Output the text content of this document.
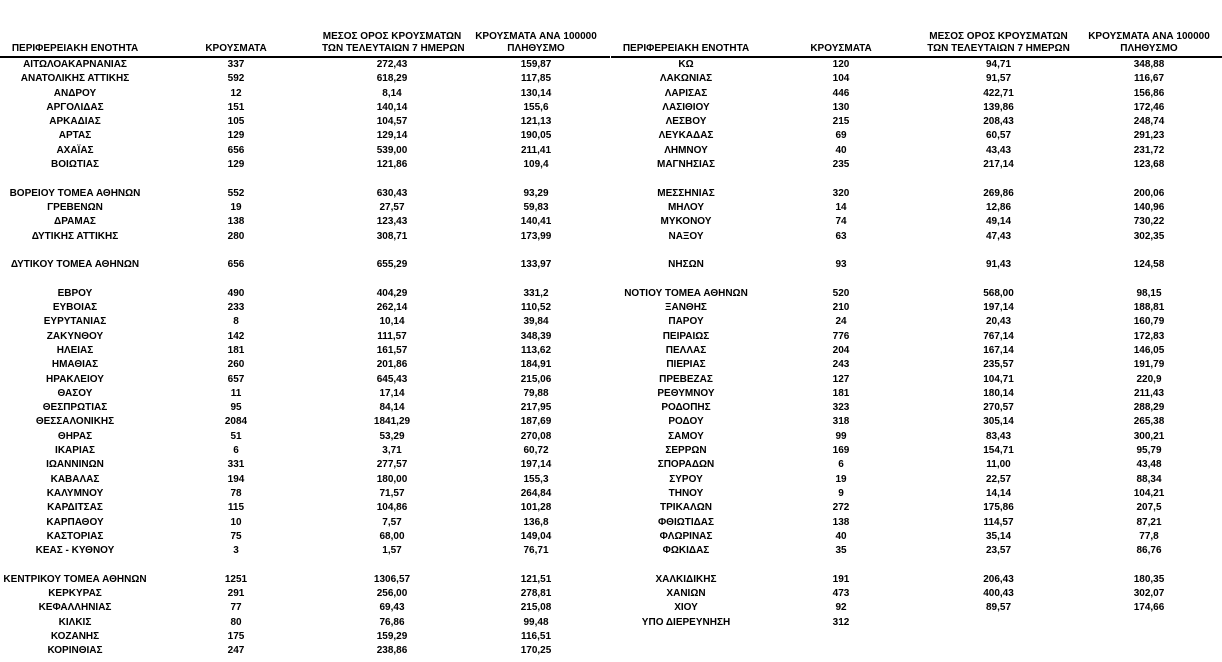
ΠΕΡΙΦΕΡΕΙΑΚΗ ΕΝΟΤΗΤΑ	ΚΡΟΥΣΜΑΤΑ	ΜΕΣΟΣ ΟΡΟΣ ΚΡΟΥΣΜΑΤΩΝ
ΤΩΝ ΤΕΛΕΥΤΑΙΩΝ 7 ΗΜΕΡΩΝ	ΚΡΟΥΣΜΑΤΑ ΑΝΑ 100000
ΠΛΗΘΥΣΜΟ
ΑΙΤΩΛΟΑΚΑΡΝΑΝΙΑΣ	337	272,43	159,87
ΑΝΑΤΟΛΙΚΗΣ ΑΤΤΙΚΗΣ	592	618,29	117,85
ΑΝΔΡΟΥ	12	8,14	130,14
ΑΡΓΟΛΙΔΑΣ	151	140,14	155,6
ΑΡΚΑΔΙΑΣ	105	104,57	121,13
ΑΡΤΑΣ	129	129,14	190,05
ΑΧΑΪΑΣ	656	539,00	211,41
ΒΟΙΩΤΙΑΣ	129	121,86	109,4

ΒΟΡΕΙΟΥ ΤΟΜΕΑ ΑΘΗΝΩΝ	552	630,43	93,29
ΓΡΕΒΕΝΩΝ	19	27,57	59,83
ΔΡΑΜΑΣ	138	123,43	140,41
ΔΥΤΙΚΗΣ ΑΤΤΙΚΗΣ	280	308,71	173,99

ΔΥΤΙΚΟΥ ΤΟΜΕΑ ΑΘΗΝΩΝ	656	655,29	133,97

ΕΒΡΟΥ	490	404,29	331,2
ΕΥΒΟΙΑΣ	233	262,14	110,52
ΕΥΡΥΤΑΝΙΑΣ	8	10,14	39,84
ΖΑΚΥΝΘΟΥ	142	111,57	348,39
ΗΛΕΙΑΣ	181	161,57	113,62
ΗΜΑΘΙΑΣ	260	201,86	184,91
ΗΡΑΚΛΕΙΟΥ	657	645,43	215,06
ΘΑΣΟΥ	11	17,14	79,88
ΘΕΣΠΡΩΤΙΑΣ	95	84,14	217,95
ΘΕΣΣΑΛΟΝΙΚΗΣ	2084	1841,29	187,69
ΘΗΡΑΣ	51	53,29	270,08
ΙΚΑΡΙΑΣ	6	3,71	60,72
ΙΩΑΝΝΙΝΩΝ	331	277,57	197,14
ΚΑΒΑΛΑΣ	194	180,00	155,3
ΚΑΛΥΜΝΟΥ	78	71,57	264,84
ΚΑΡΔΙΤΣΑΣ	115	104,86	101,28
ΚΑΡΠΑΘΟΥ	10	7,57	136,8
ΚΑΣΤΟΡΙΑΣ	75	68,00	149,04
ΚΕΑΣ - ΚΥΘΝΟΥ	3	1,57	76,71

ΚΕΝΤΡΙΚΟΥ ΤΟΜΕΑ ΑΘΗΝΩΝ	1251	1306,57	121,51
ΚΕΡΚΥΡΑΣ	291	256,00	278,81
ΚΕΦΑΛΛΗΝΙΑΣ	77	69,43	215,08
ΚΙΛΚΙΣ	80	76,86	99,48
ΚΟΖΑΝΗΣ	175	159,29	116,51
ΚΟΡΙΝΘΙΑΣ	247	238,86	170,25
ΠΕΡΙΦΕΡΕΙΑΚΗ ΕΝΟΤΗΤΑ	ΚΡΟΥΣΜΑΤΑ	ΜΕΣΟΣ ΟΡΟΣ ΚΡΟΥΣΜΑΤΩΝ
ΤΩΝ ΤΕΛΕΥΤΑΙΩΝ 7 ΗΜΕΡΩΝ	ΚΡΟΥΣΜΑΤΑ ΑΝΑ 100000
ΠΛΗΘΥΣΜΟ
ΚΩ	120	94,71	348,88
ΛΑΚΩΝΙΑΣ	104	91,57	116,67
ΛΑΡΙΣΑΣ	446	422,71	156,86
ΛΑΣΙΘΙΟΥ	130	139,86	172,46
ΛΕΣΒΟΥ	215	208,43	248,74
ΛΕΥΚΑΔΑΣ	69	60,57	291,23
ΛΗΜΝΟΥ	40	43,43	231,72
ΜΑΓΝΗΣΙΑΣ	235	217,14	123,68

ΜΕΣΣΗΝΙΑΣ	320	269,86	200,06
ΜΗΛΟΥ	14	12,86	140,96
ΜΥΚΟΝΟΥ	74	49,14	730,22
ΝΑΞΟΥ	63	47,43	302,35

ΝΗΣΩΝ	93	91,43	124,58

ΝΟΤΙΟΥ ΤΟΜΕΑ ΑΘΗΝΩΝ	520	568,00	98,15
ΞΑΝΘΗΣ	210	197,14	188,81
ΠΑΡΟΥ	24	20,43	160,79
ΠΕΙΡΑΙΩΣ	776	767,14	172,83
ΠΕΛΛΑΣ	204	167,14	146,05
ΠΙΕΡΙΑΣ	243	235,57	191,79
ΠΡΕΒΕΖΑΣ	127	104,71	220,9
ΡΕΘΥΜΝΟΥ	181	180,14	211,43
ΡΟΔΟΠΗΣ	323	270,57	288,29
ΡΟΔΟΥ	318	305,14	265,38
ΣΑΜΟΥ	99	83,43	300,21
ΣΕΡΡΩΝ	169	154,71	95,79
ΣΠΟΡΑΔΩΝ	6	11,00	43,48
ΣΥΡΟΥ	19	22,57	88,34
ΤΗΝΟΥ	9	14,14	104,21
ΤΡΙΚΑΛΩΝ	272	175,86	207,5
ΦΘΙΩΤΙΔΑΣ	138	114,57	87,21
ΦΛΩΡΙΝΑΣ	40	35,14	77,8
ΦΩΚΙΔΑΣ	35	23,57	86,76

ΧΑΛΚΙΔΙΚΗΣ	191	206,43	180,35
ΧΑΝΙΩΝ	473	400,43	302,07
ΧΙΟΥ	92	89,57	174,66
ΥΠΟ ΔΙΕΡΕΥΝΗΣΗ	312		
